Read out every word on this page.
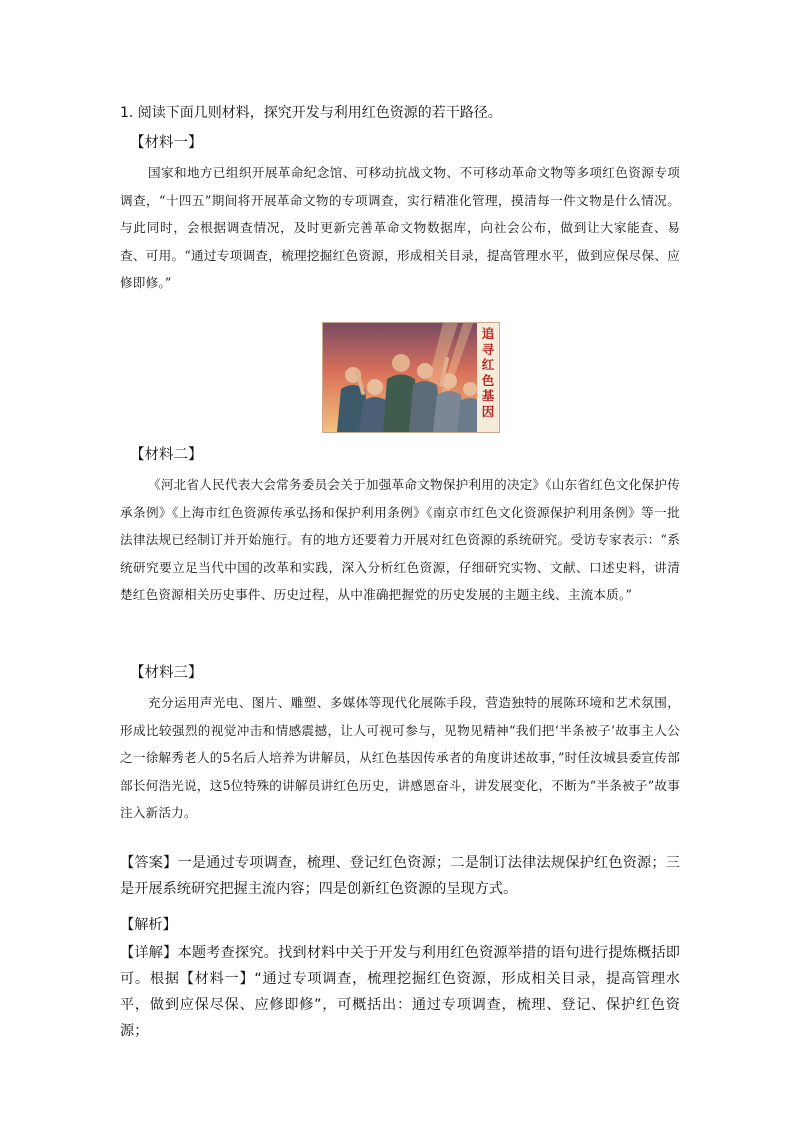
1. 阅读下面几则材料，探究开发与利用红色资源的若干路径。
【材料一】
国家和地方已组织开展革命纪念馆、可移动抗战文物、不可移动革命文物等多项红色资源专项调查，“十四五”期间将开展革命文物的专项调查，实行精准化管理，摸清每一件文物是什么情况。与此同时，会根据调查情况，及时更新完善革命文物数据库，向社会公布，做到让大家能查、易查、可用。“通过专项调查，梳理挖掘红色资源，形成相关目录，提高管理水平，做到应保尽保、应修即修。”
追
寻
红
色
基
因
【材料二】
《河北省人民代表大会常务委员会关于加强革命文物保护利用的决定》《山东省红色文化保护传承条例》《上海市红色资源传承弘扬和保护利用条例》《南京市红色文化资源保护利用条例》等一批法律法规已经制订并开始施行。有的地方还要着力开展对红色资源的系统研究。受访专家表示：“系统研究要立足当代中国的改革和实践，深入分析红色资源，仔细研究实物、文献、口述史料，讲清楚红色资源相关历史事件、历史过程，从中准确把握党的历史发展的主题主线、主流本质。”
【材料三】
充分运用声光电、图片、雕塑、多媒体等现代化展陈手段，营造独特的展陈环境和艺术氛围，形成比较强烈的视觉冲击和情感震撼，让人可视可参与，见物见精神“我们把‘半条被子’故事主人公之一徐解秀老人的5名后人培养为讲解员，从红色基因传承者的角度讲述故事，”时任汝城县委宣传部部长何浩光说，这5位特殊的讲解员讲红色历史，讲感恩奋斗，讲发展变化，不断为“半条被子”故事注入新活力。
【答案】一是通过专项调查，梳理、登记红色资源；二是制订法律法规保护红色资源；三是开展系统研究把握主流内容；四是创新红色资源的呈现方式。
【解析】
【详解】本题考查探究。找到材料中关于开发与利用红色资源举措的语句进行提炼概括即可。根据【材料一】“通过专项调查，梳理挖掘红色资源，形成相关目录，提高管理水平，做到应保尽保、应修即修”，可概括出：通过专项调查，梳理、登记、保护红色资源；
